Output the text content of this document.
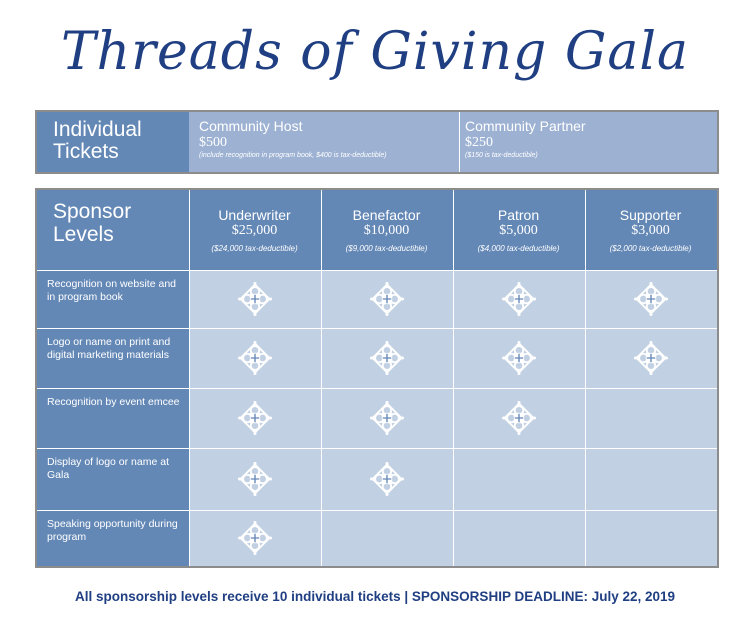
Threads of Giving Gala
Individual
Tickets
Community Host
$500
(include recognition in program book, $400 is tax-deductible)
Community Partner
$250
($150 is tax-deductible)
Sponsor
Levels
Underwriter
$25,000
($24,000 tax-deductible)
Benefactor
$10,000
($9,000 tax-deductible)
Patron
$5,000
($4,000 tax-deductible)
Supporter
$3,000
($2,000 tax-deductible)
Recognition on website and in program book
Logo or name on print and digital marketing materials
Recognition by event emcee
Display of logo or name at Gala
Speaking opportunity during program
All sponsorship levels receive 10 individual tickets | SPONSORSHIP DEADLINE: July 22, 2019
